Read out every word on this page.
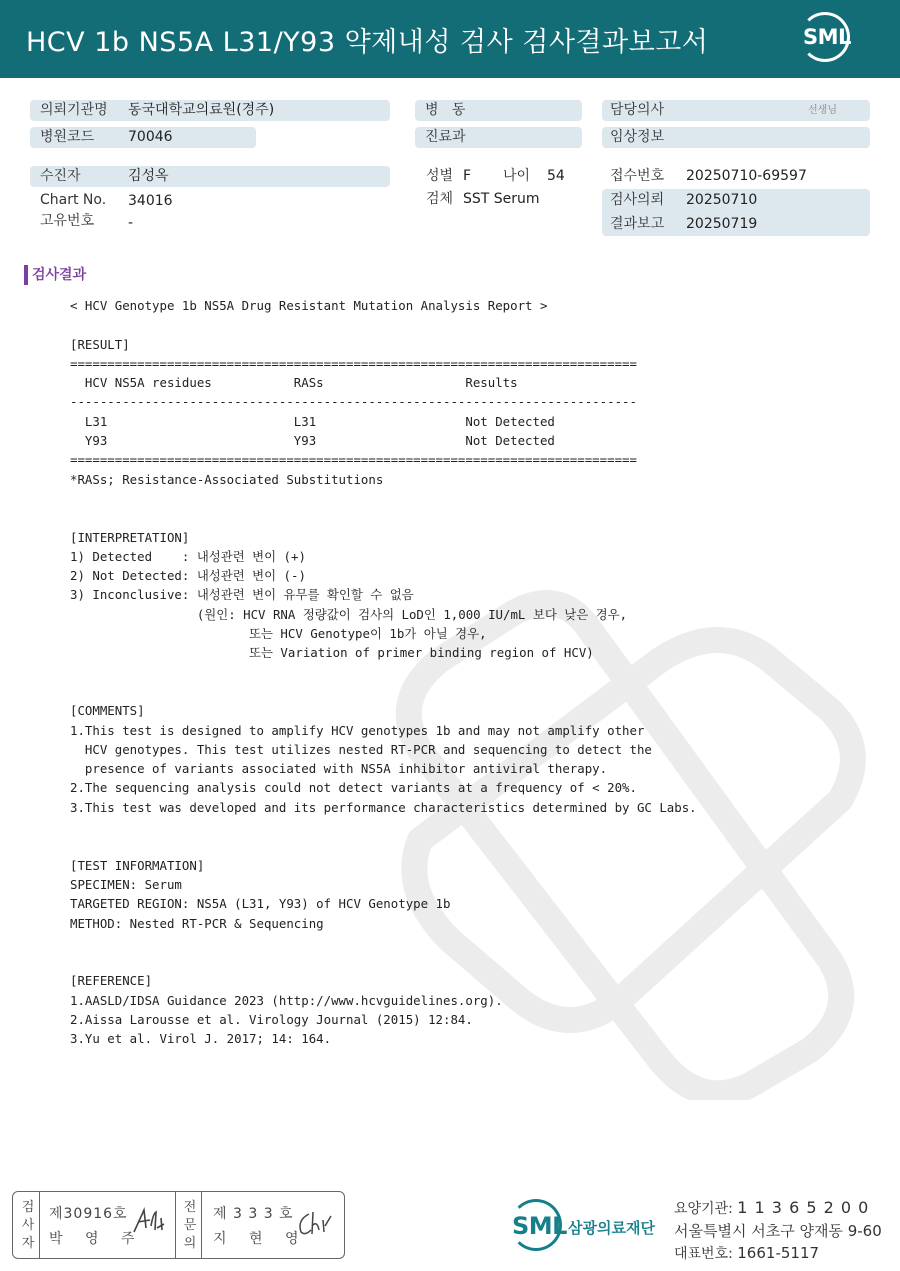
HCV 1b NS5A L31/Y93 약제내성 검사 검사결과보고서	SML
의뢰기관명 동국대학교의료원(경주)
병원코드 70046
수진자	김성옥
Chart No. 34016
고유번호 -
병   동
진료과
성별 F 나이 54
검체 SST Serum
담당의사	선생님
임상정보
접수번호 20250710-69597
검사의뢰 20250710
결과보고 20250719
검사결과
< HCV Genotype 1b NS5A Drug Resistant Mutation Analysis Report >

[RESULT]
============================================================================
HCV NS5A residues           RASs                   Results
----------------------------------------------------------------------------
L31                         L31                    Not Detected
Y93                         Y93                    Not Detected
============================================================================
*RASs; Resistance-Associated Substitutions

[INTERPRETATION]
1) Detected    : 내성관련 변이 (+)
2) Not Detected: 내성관련 변이 (-)
3) Inconclusive: 내성관련 변이 유무를 확인할 수 없음
(원인: HCV RNA 정량값이 검사의 LoD인 1,000 IU/mL 보다 낮은 경우,
또는 HCV Genotype이 1b가 아닐 경우,
또는 Variation of primer binding region of HCV)

[COMMENTS]
1.This test is designed to amplify HCV genotypes 1b and may not amplify other
HCV genotypes. This test utilizes nested RT-PCR and sequencing to detect the
presence of variants associated with NS5A inhibitor antiviral therapy.
2.The sequencing analysis could not detect variants at a frequency of < 20%.
3.This test was developed and its performance characteristics determined by GC Labs.

[TEST INFORMATION]
SPECIMEN: Serum
TARGETED REGION: NS5A (L31, Y93) of HCV Genotype 1b
METHOD: Nested RT-PCR & Sequencing

[REFERENCE]
1.AASLD/IDSA Guidance 2023 (http://www.hcvguidelines.org).
2.Aissa Larousse et al. Virology Journal (2015) 12:84.
3.Yu et al. Virol J. 2017; 14: 164.
검사자
제30916호
박 영 주
전문의
제 3 3 3 호
지 현 영	SML 삼광의료재단
요양기관: 1 1 3 6 5 2 0 0
서울특별시 서초구 양재동 9-60
대표번호: 1661-5117
